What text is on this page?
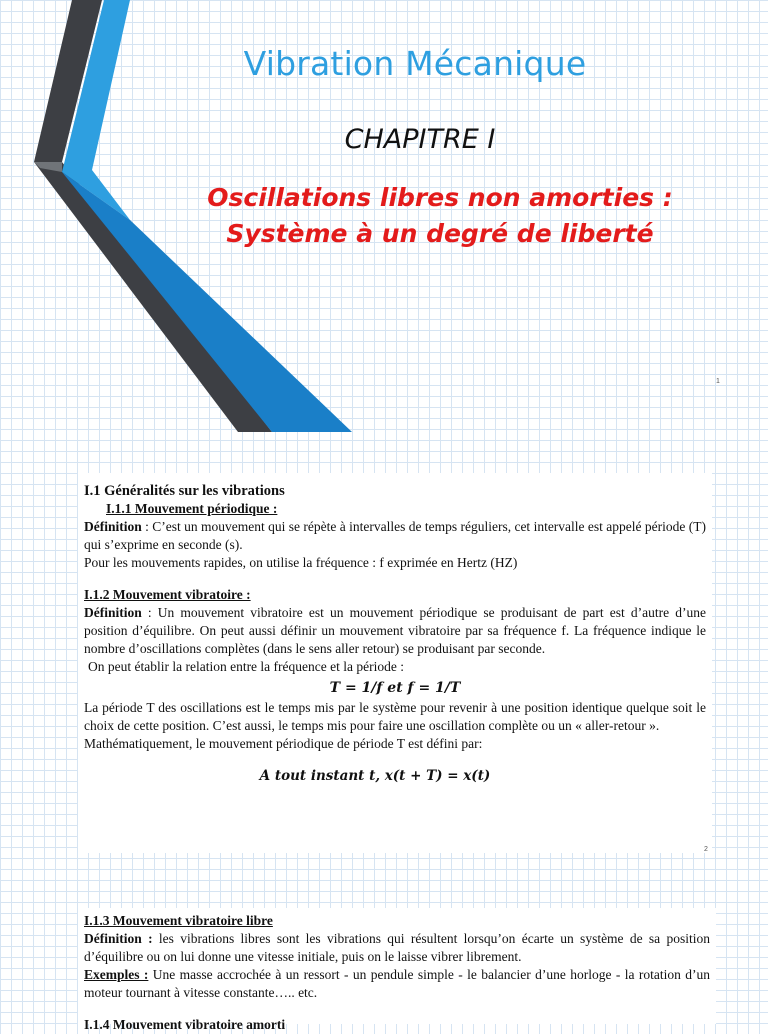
Vibration Mécanique
CHAPITRE I
Oscillations libres non amorties :
Système à un degré de liberté
1
I.1 Généralités sur les vibrations
I.1.1 Mouvement périodique :
Définition : C’est un mouvement qui se répète à intervalles de temps réguliers, cet intervalle est appelé période (T) qui s’exprime en seconde (s).
Pour les mouvements rapides, on utilise la fréquence : f exprimée en Hertz (HZ)
I.1.2 Mouvement vibratoire :
Définition : Un mouvement vibratoire est un mouvement périodique se produisant de part est d’autre d’une position d’équilibre. On peut aussi définir un mouvement vibratoire par sa fréquence f. La fréquence indique le nombre d’oscillations complètes (dans le sens aller retour) se produisant par seconde.
On peut établir la relation entre la fréquence et la période :
T = 1/f et f = 1/T
La période T des oscillations est le temps mis par le système pour revenir à une position identique quelque soit le choix de cette position. C’est aussi, le temps mis pour faire une oscillation complète ou un « aller-retour ».
Mathématiquement, le mouvement périodique de période T est défini par:
A tout instant t, x(t + T) = x(t)
2
I.1.3 Mouvement vibratoire libre
Définition : les vibrations libres sont les vibrations qui résultent lorsqu’on écarte un système de sa position d’équilibre ou on lui donne une vitesse initiale, puis on le laisse vibrer librement.
Exemples : Une masse accrochée à un ressort - un pendule simple - le balancier d’une horloge - la rotation d’un moteur tournant à vitesse constante….. etc.
I.1.4 Mouvement vibratoire amorti
